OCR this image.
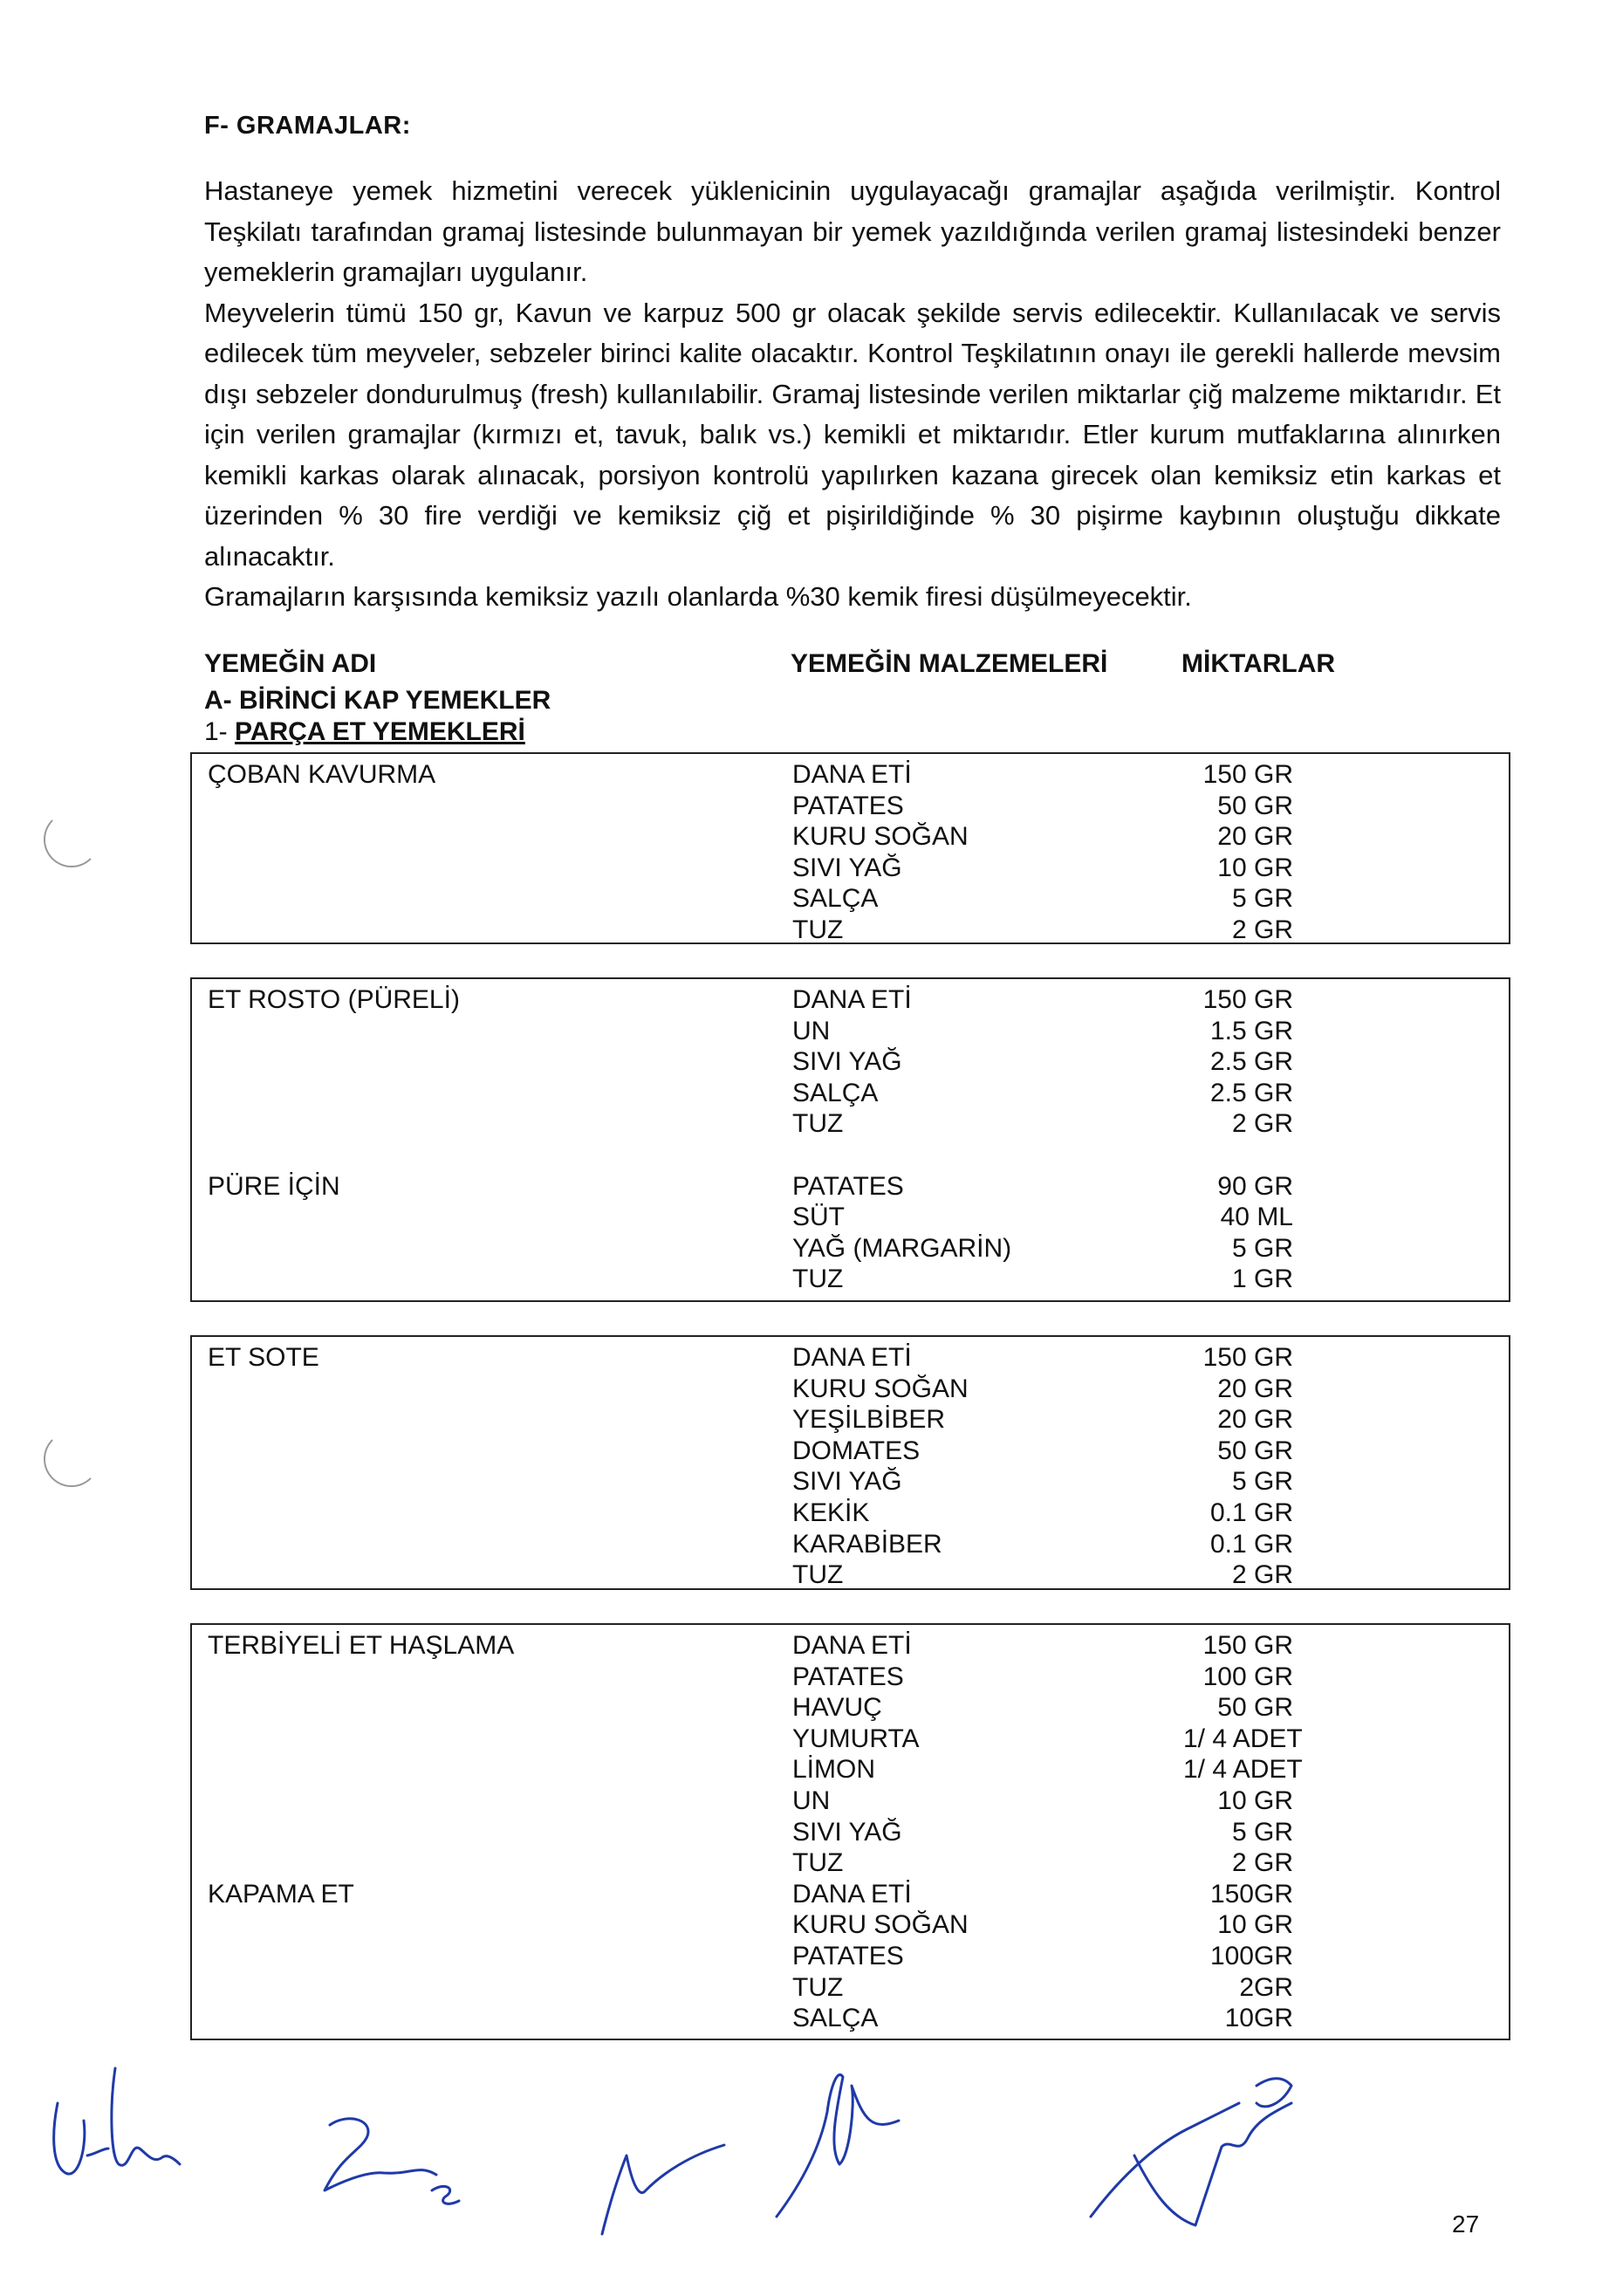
F- GRAMAJLAR:

Hastaneye yemek hizmetini verecek yüklenicinin uygulayacağı gramajlar aşağıda verilmiştir. Kontrol Teşkilatı tarafından gramaj listesinde bulunmayan bir yemek yazıldığında verilen gramaj listesindeki benzer yemeklerin gramajları uygulanır.

Meyvelerin tümü 150 gr, Kavun ve karpuz 500 gr olacak şekilde servis edilecektir. Kullanılacak ve servis edilecek tüm meyveler, sebzeler birinci kalite olacaktır. Kontrol Teşkilatının onayı ile gerekli hallerde mevsim dışı sebzeler dondurulmuş (fresh) kullanılabilir. Gramaj listesinde verilen miktarlar çiğ malzeme miktarıdır. Et için verilen gramajlar (kırmızı et, tavuk, balık vs.) kemikli et miktarıdır. Etler kurum mutfaklarına alınırken kemikli karkas olarak alınacak, porsiyon kontrolü yapılırken kazana girecek olan kemiksiz etin karkas et üzerinden % 30 fire verdiği ve kemiksiz çiğ et pişirildiğinde % 30 pişirme kaybının oluştuğu dikkate alınacaktır.

Gramajların karşısında kemiksiz yazılı olanlarda %30 kemik firesi düşülmeyecektir.

YEMEĞİN ADI	YEMEĞİN MALZEMELERİ	MİKTARLAR
A- BİRİNCİ KAP YEMEKLER
1- PARÇA ET YEMEKLERİ
ÇOBAN KAVURMA	DANA ETİ	150 GR
PATATES	50 GR
KURU SOĞAN	20 GR
SIVI YAĞ	10 GR
SALÇA	5 GR
TUZ	2 GR
ET ROSTO (PÜRELİ)	DANA ETİ	150 GR
UN	1.5 GR
SIVI YAĞ	2.5 GR
SALÇA	2.5 GR
TUZ	2 GR
PÜRE İÇİN	PATATES	90 GR
SÜT	40 ML
YAĞ (MARGARİN)	5 GR
TUZ	1 GR
ET SOTE	DANA ETİ	150 GR
KURU SOĞAN	20 GR
YEŞİLBİBER	20 GR
DOMATES	50 GR
SIVI YAĞ	5 GR
KEKİK	0.1 GR
KARABİBER	0.1 GR
TUZ	2 GR
TERBİYELİ ET HAŞLAMA	DANA ETİ	150 GR
PATATES	100 GR
HAVUÇ	50 GR
YUMURTA	1/ 4 ADET
LİMON	1/ 4 ADET
UN	10 GR
SIVI YAĞ	5 GR
TUZ	2 GR
KAPAMA ET	DANA ETİ	150GR
KURU SOĞAN	10 GR
PATATES	100GR
TUZ	2GR
SALÇA	10GR
27
